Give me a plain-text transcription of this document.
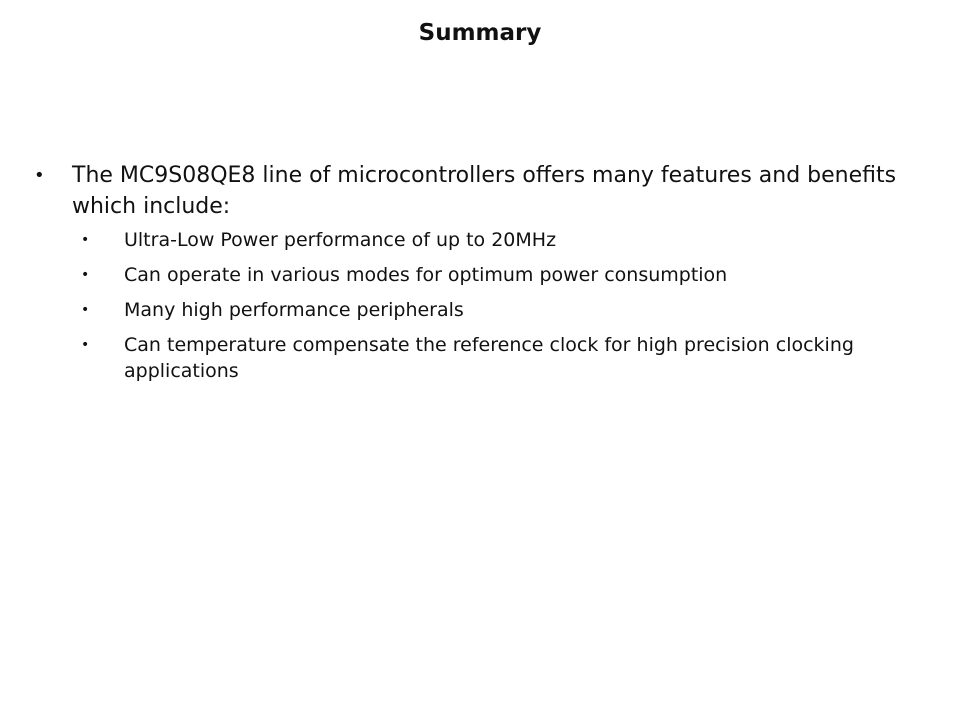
Summary
• The MC9S08QE8 line of microcontrollers offers many features and benefits which include:
• Ultra-Low Power performance of up to 20MHz
• Can operate in various modes for optimum power consumption
• Many high performance peripherals
• Can temperature compensate the reference clock for high precision clocking applications
